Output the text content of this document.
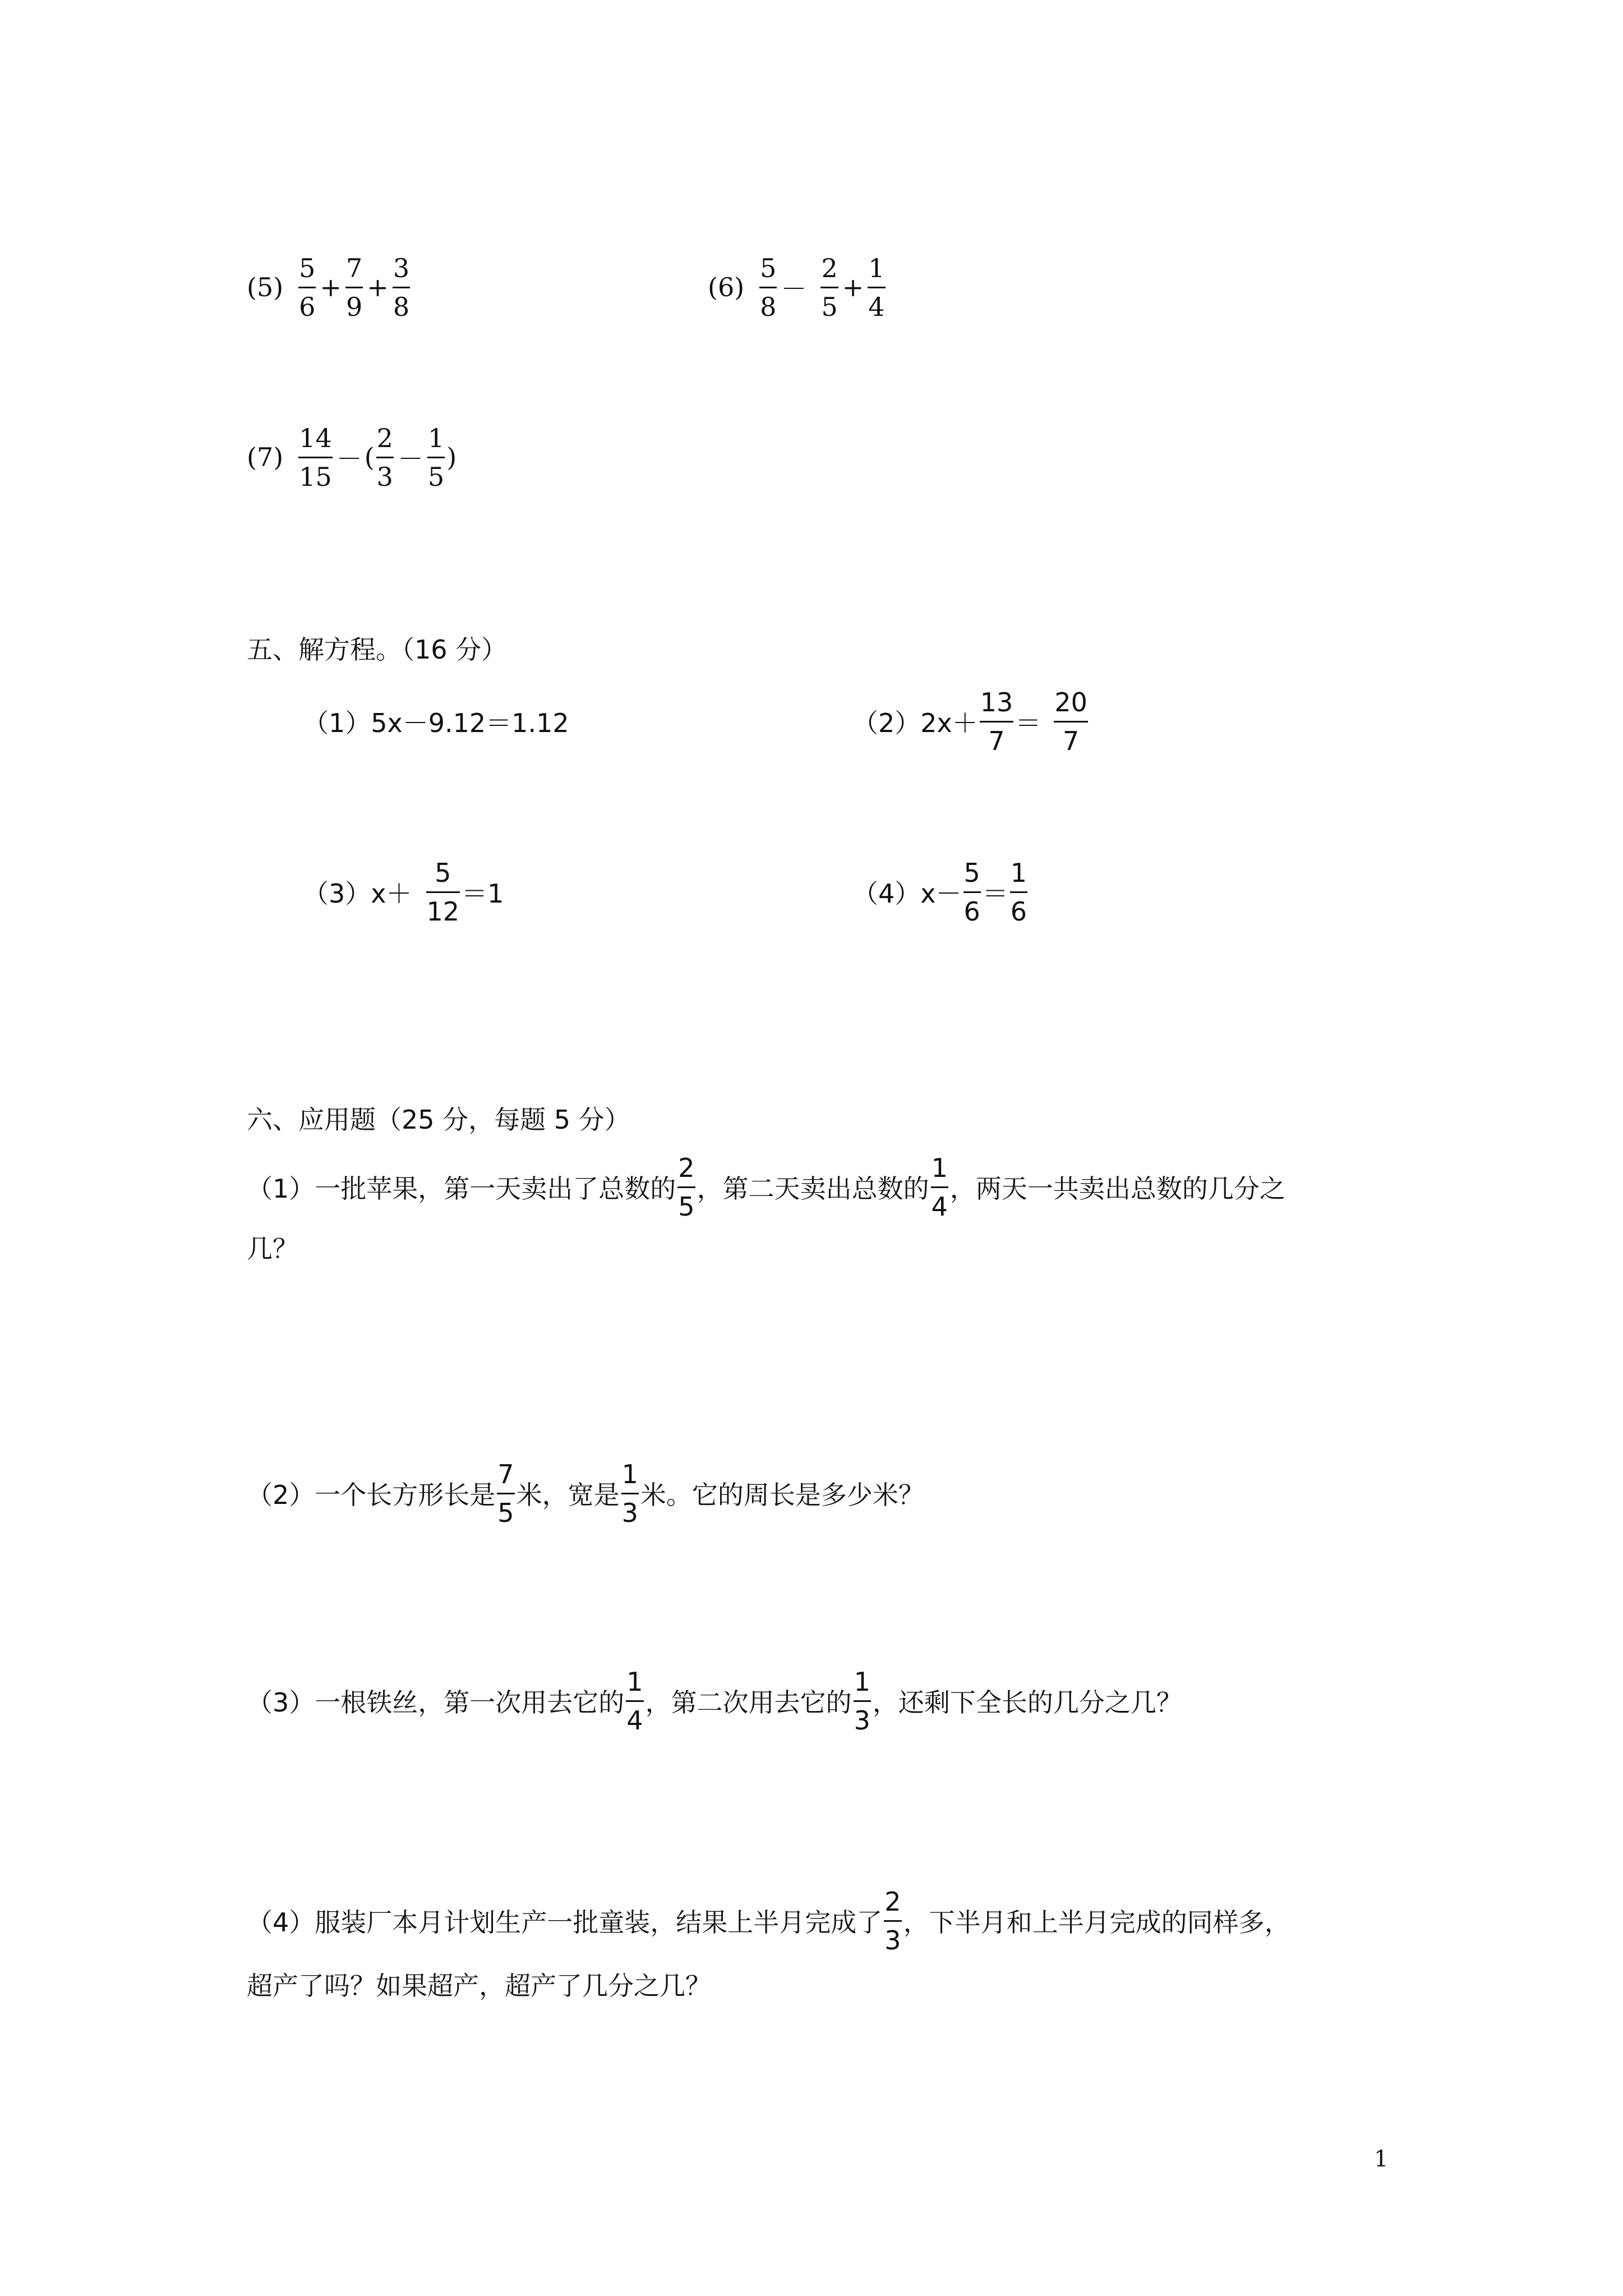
$(5) \frac{5}{6} + \frac{7}{9} + \frac{3}{8}$	$(6) \frac{5}{8} - \frac{2}{5} + \frac{1}{4}$
$(7) \frac{14}{15}$ － ( $\frac{2}{3} - \frac{1}{5}$ )
五、解方程。（16 分）
（1）5x－9.12＝1.12	（2） $2x+ \frac{13}{7} = \frac{20}{7}$
（3） $x+ \frac{5}{12} =1$	（4） $x- \frac{5}{6} = \frac{1}{6}$
六、应用题（25 分，每题 5 分）
（1）一批苹果，第一天卖出了总数的 $\frac{2}{5}$ ，第二天卖出总数的 $\frac{1}{4}$ ，两天一共卖出总数的几分之
几？
（2）一个长方形长是 $\frac{7}{5}$ 米，宽是 $\frac{1}{3}$ 米。它的周长是多少米？
（3）一根铁丝，第一次用去它的 $\frac{1}{4}$ ，第二次用去它的 $\frac{1}{3}$ ，还剩下全长的几分之几？
（4）服装厂本月计划生产一批童装，结果上半月完成了 $\frac{2}{3}$ ，下半月和上半月完成的同样多，
超产了吗？如果超产，超产了几分之几？
1
